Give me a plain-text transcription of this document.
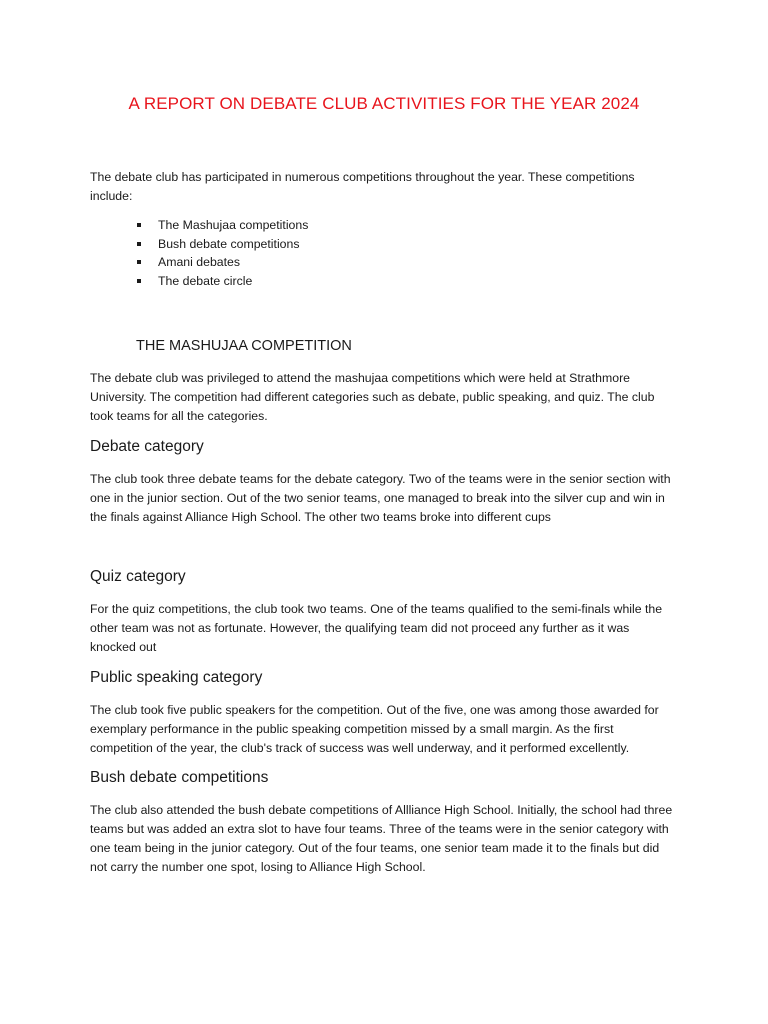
A REPORT ON DEBATE CLUB ACTIVITIES FOR THE YEAR 2024

The debate club has participated in numerous competitions throughout the year. These competitions include:

The Mashujaa competitions
Bush debate competitions
Amani debates
The debate circle
THE MASHUJAA COMPETITION

The debate club was privileged to attend the mashujaa competitions which were held at Strathmore University. The competition had different categories such as debate, public speaking, and quiz. The club took teams for all the categories.

Debate category

The club took three debate teams for the debate category. Two of the teams were in the senior section with one in the junior section. Out of the two senior teams, one managed to break into the silver cup and win in the finals against Alliance High School. The other two teams broke into different cups

Quiz category

For the quiz competitions, the club took two teams. One of the teams qualified to the semi-finals while the other team was not as fortunate. However, the qualifying team did not proceed any further as it was knocked out

Public speaking category

The club took five public speakers for the competition. Out of the five, one was among those awarded for exemplary performance in the public speaking competition missed by a small margin. As the first competition of the year, the club's track of success was well underway, and it performed excellently.

Bush debate competitions

The club also attended the bush debate competitions of Allliance High School. Initially, the school had three teams but was added an extra slot to have four teams. Three of the teams were in the senior category with one team being in the junior category. Out of the four teams, one senior team made it to the finals but did not carry the number one spot, losing to Alliance High School.
